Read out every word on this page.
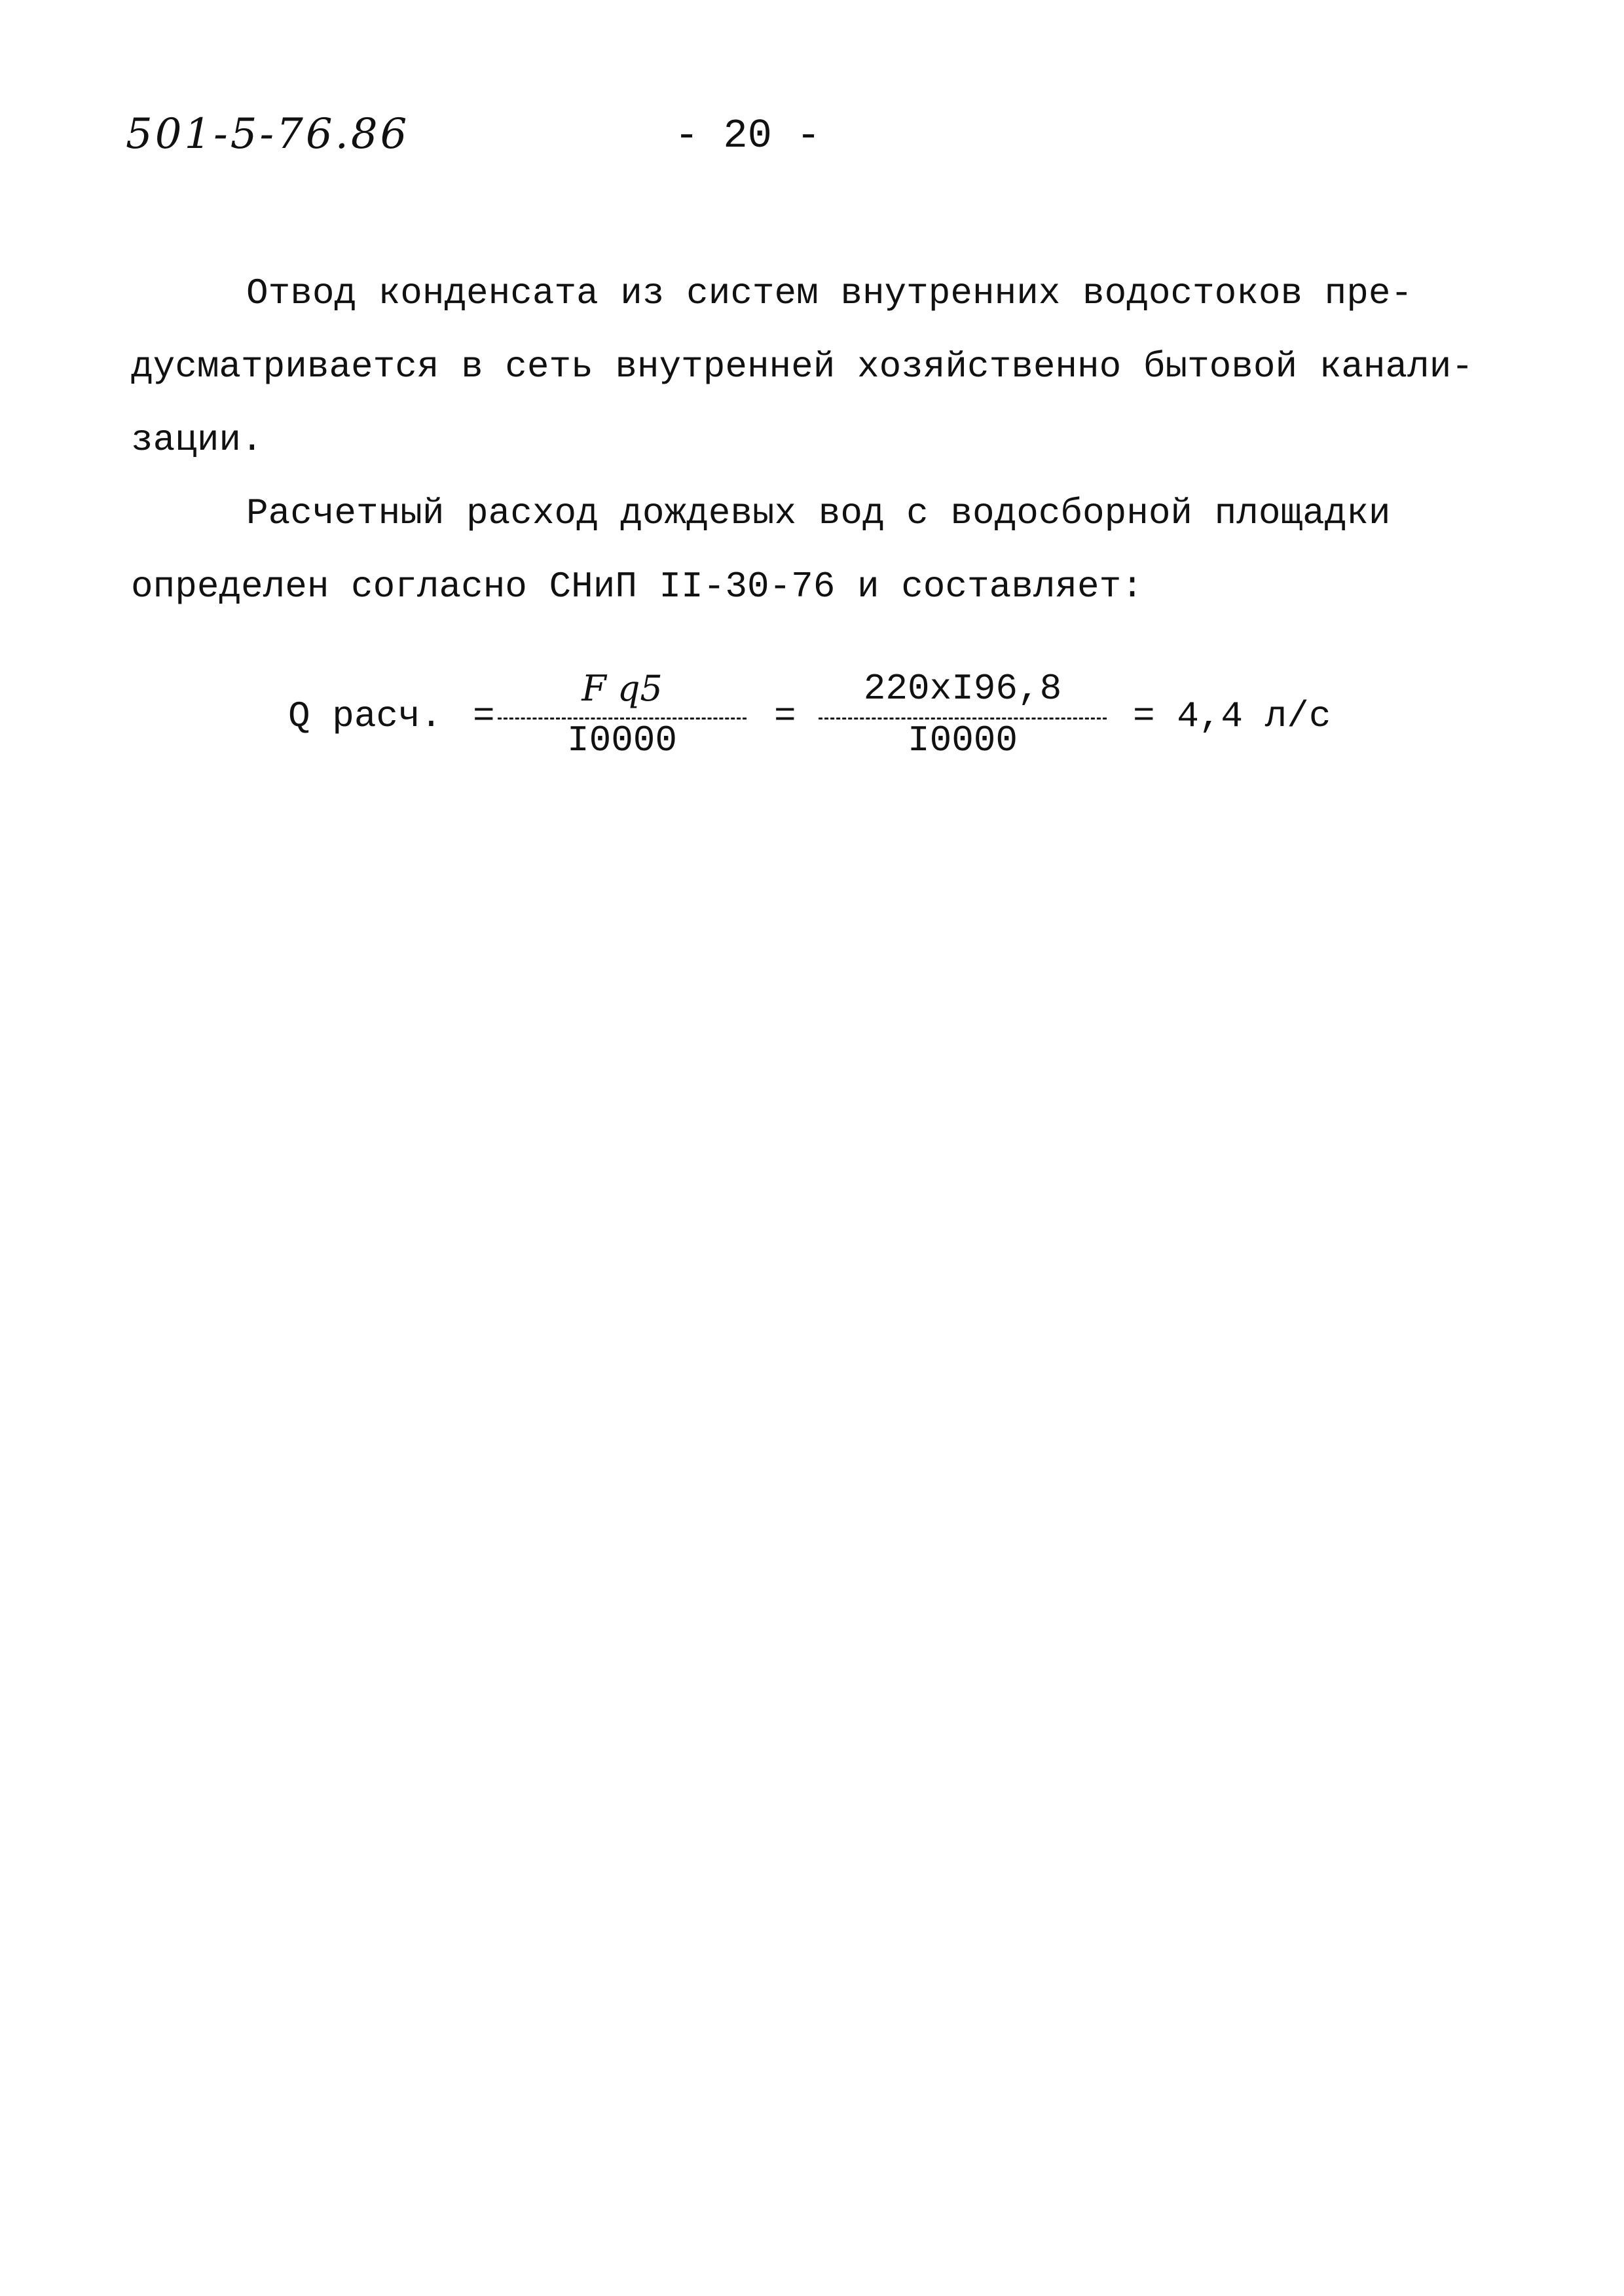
501-5-76.86	- 20 -

Отвод конденсата из систем внутренних водостоков пре-
дусматривается в сеть внутренней хозяйственно бытовой канали-
зации.

Расчетный расход дождевых вод с водосборной площадки
определен согласно СНиП II-30-76 и составляет:

Q расч. = $\frac{\text{F q5}}{I0000} = \frac{220xI96,8}{I0000} = 4,4$ л/с
